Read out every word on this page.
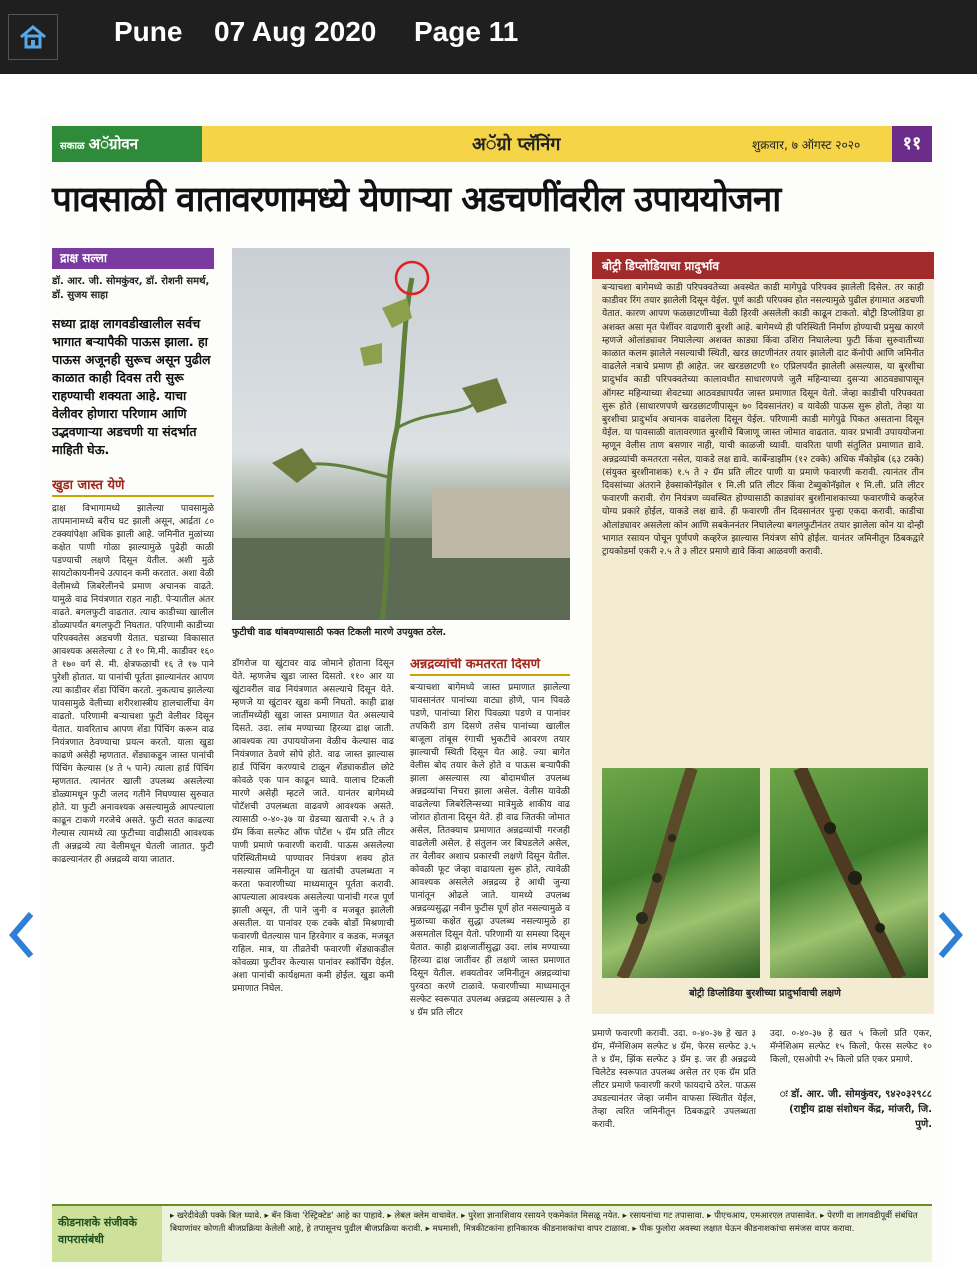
Pune 07 Aug 2020 Page 11
सकाळ अॅग्रोवन	अॅग्रो प्लॅनिंग	शुक्रवार, ७ ऑगस्ट २०२०	११
पावसाळी वातावरणामध्ये येणाऱ्या अडचणींवरील उपाययोजना
द्राक्ष सल्ला
डॉ. आर. जी. सोमकुंवर, डॉ. रोशनी समर्थ, डॉ. सुजय साहा
सध्या द्राक्ष लागवडीखालील सर्वच भागात बऱ्यापैकी पाऊस झाला. हा पाऊस अजूनही सुरूच असून पुढील काळात काही दिवस तरी सुरू राहण्याची शक्यता आहे. याचा वेलीवर होणारा परिणाम आणि उद्भवणाऱ्या अडचणी या संदर्भात माहिती घेऊ.
खुडा जास्त येणे
द्राक्ष विभागामध्ये झालेल्या पावसामुळे तापमानामध्ये बरीच घट झाली असून, आर्द्रता ८० टक्क्यांपेक्षा अधिक झाली आहे. जमिनीत मुळांच्या कक्षेत पाणी गोळा झाल्यामुळे पुढेही काळी पडण्याची लक्षणे दिसून येतील. अशी मुळे सायटोकायनीनचे उत्पादन कमी करतात. अशा वेळी वेलीमध्ये जिबरेलीनचे प्रमाण अचानक वाढते. यामुळे वाढ नियंत्रणात राहत नाही. पेऱ्यातील अंतर वाढते. बगलफुटी वाढतात. त्याच काडीच्या खालील डोळ्यापर्यंत बगलफुटी निघतात. परिणामी काडीच्या परिपक्वतेस अडचणी येतात. घडाच्या विकासात आवश्यक असलेल्या ८ ते १० मि.मी. काडीवर १६० ते १७० वर्ग से. मी. क्षेत्रफळाची १६ ते १७ पाने पुरेशी होतात. या पानांची पूर्तता झाल्यानंतर आपण त्या काडीवर शेंडा पिंचिंग करतो. नुकत्याच झालेल्या पावसामुळे वेलीच्या शरीरशास्त्रीय हालचालींचा वेग वाढतो. परिणामी बऱ्याचशा फुटी वेलीवर दिसून येतात. यावरिताच आपण शेंडा पिंचिंग करून वाढ नियंत्रणात ठेवण्याचा प्रयत्न करतो. याला खुडा काढणे असेही म्हणतात. शेंड्याकडून जास्त पानांची पिंचिंग केल्यास (४ ते ५ पाने) त्याला हार्ड पिंचिंग म्हणतात. त्यानंतर खाली उपलब्ध असलेल्या डोळ्यामधून फुटी जलद गतीने निघण्यास सुरुवात होते. या फुटी अनावश्यक असल्यामुळे आपल्याला काढून टाकणे गरजेचे असते. फुटी सतत काढल्या गेल्यास त्यामध्ये त्या फुटीच्या वाढीसाठी आवश्यक ती अन्नद्रव्ये त्या वेलीमधून घेतली जातात. फुटी काढल्यानंतर ही अन्नद्रव्ये वाया जातात.
फुटीची वाढ थांबवण्यासाठी फक्त टिकली मारणे उपयुक्त ठरेल.
डॉगरोज या खुंटावर वाढ जोमाने होताना दिसून येते. म्हणजेच खुडा जास्त दिसतो. ११० आर या खुंटावरील वाढ नियंत्रणात असल्याचे दिसून येते. म्हणजे या खुंटावर खुडा कमी निघतो. काही द्राक्ष जातींमध्येही खुडा जास्त प्रमाणात येत असल्याचे दिसते. उदा. लांब मण्याच्या हिरव्या द्राक्ष जाती. आवश्यक त्या उपाययोजना वेळीच केल्यास वाढ नियंत्रणात ठेवणे सोपे होते. वाढ जास्त झाल्यास हार्ड पिंचिंग करण्याचे टाळून शेंड्याकडील छोटे कोवळे एक पान काढून घ्यावे. यालाच टिकली मारणे असेही म्हटले जाते. यानंतर बागेमध्ये पोटॅशची उपलब्धता वाढवणे आवश्यक असते. त्यासाठी ०-४०-३७ या ग्रेडच्या खताची २.५ ते ३ ग्रॅम किंवा सल्फेट ऑफ पोटॅश ५ ग्रॅम प्रति लीटर पाणी प्रमाणे फवारणी करावी. पाऊस असलेल्या परिस्थितीमध्ये पाण्यावर नियंत्रण शक्य होत नसल्यास जमिनीतून या खतांची उपलब्धता न करता फवारणीच्या माध्यमातून पूर्तता करावी. आपल्याला आवश्यक असलेल्या पानांची गरज पूर्ण झाली असून, ती पाने जुनी व मजबूत झालेली असतील. या पानांवर एक टक्के बोर्डो मिश्रणाची फवारणी घेतल्यास पान हिरवेगार व कडक, मजबूत राहिल. मात्र, या तीव्रतेची फवारणी शेंड्याकडील कोवळ्या फुटीवर केल्यास पानांवर स्कॉर्चिंग येईल. अशा पानांची कार्यक्षमता कमी होईल. खुडा कमी प्रमाणात निघेल.
अन्नद्रव्यांची कमतरता दिसणे
बऱ्याचशा बागेमध्ये जास्त प्रमाणात झालेल्या पावसानंतर पानांच्या वाट्या होणे, पान पिवळे पडणे, पानांच्या शिरा पिवळ्या पडणे व पानांवर तपकिरी डाग दिसणे तसेच पानांच्या खालील बाजूला तांबूस रंगाची भुकटीचे आवरण तयार झाल्याची स्थिती दिसून येत आहे. ज्या बागेत वेलीस बोद तयार केले होते व पाऊस बऱ्यापैकी झाला असल्यास त्या बोदामधील उपलब्ध अन्नद्रव्यांचा निचरा झाला असेल. वेलीस यावेळी वाढलेल्या जिबरेलिन्सच्या मात्रेमुळे शाकीय वाढ जोरात होताना दिसून येते. ही वाढ जितकी जोमात असेल, तितक्याच प्रमाणात अन्नद्रव्यांची गरजही वाढलेली असेल. हे संतुलन जर बिघडलेले असेल, तर वेलीवर अशाच प्रकारची लक्षणे दिसून येतील. कोवळी फूट जेव्हा वाढायला सुरू होते, त्यावेळी आवश्यक असलेले अन्नद्रव्य हे आधी जुन्या पानांतून ओढले जाते. यामध्ये उपलब्ध अन्नद्रव्यसुद्धा नवीन फुटीस पूर्ण होत नसल्यामुळे व मुळाच्या कक्षेत सुद्धा उपलब्ध नसल्यामुळे हा असमतोल दिसून येतो. परिणामी या समस्या दिसून येतात. काही द्राक्षजातींसुद्धा उदा. लांब मण्याच्या हिरव्या द्राक्ष जातींवर ही लक्षणे जास्त प्रमाणात दिसून येतील. शक्यतोवर जमिनीतून अन्नद्रव्यांचा पुरवठा करणे टाळावे. फवारणीच्या माध्यमातून सल्फेट स्वरूपात उपलब्ध अन्नद्रव्य असल्यास ३ ते ४ ग्रॅम प्रति लीटर
बोट्री डिप्लोडियाचा प्रादुर्भाव
बऱ्याचशा बागेमध्ये काडी परिपक्वतेच्या अवस्थेत काडी मागेपुढे परिपक्व झालेली दिसेल. तर काही काडीवर रिंग तयार झालेली दिसून येईल. पूर्ण काडी परिपक्व होत नसल्यामुळे पुढील हंगामात अडचणी येतात. कारण आपण फळछाटणीच्या वेळी हिरवी असलेली काडी काढून टाकतो. बोट्री डिप्लोडिया हा अशक्त असा मृत पेशींवर वाढणारी बुरशी आहे. बागेमध्ये ही परिस्थिती निर्माण होण्याची प्रमुख कारणे म्हणजे ओलांड्यावर निघालेल्या अशक्त काड्या किंवा उशिरा निघालेल्या फुटी किंवा सुरुवातीच्या काळात कलम झालेले नसल्याची स्थिती, खरड छाटणीनंतर तयार झालेली दाट कॅनोपी आणि जमिनीत वाढलेले नत्राचे प्रमाण ही आहेत. जर खरडछाटणी १० एप्रिलपर्यंत झालेली असल्यास, या बुरशीचा प्रादुर्भाव काडी परिपक्वतेच्या कालावधीत साधारणपणे जुलै महिन्याच्या दुसऱ्या आठवड्यापासून ऑगस्ट महिन्याच्या शेवटच्या आठवड्यापर्यंत जास्त प्रमाणात दिसून येतो. जेव्हा काडीची परिपक्वता सुरू होते (साधारणपणे खरडछाटणीपासून ७० दिवसानंतर) व यावेळी पाऊस सुरू होतो, तेव्हा या बुरशीचा प्रादुर्भाव अचानक वाढलेला दिसून येईल. परिणामी काडी मागेपुढे पिकत असताना दिसून येईल. या पावसाळी वातावरणात बुरशीचे बिजाणू जास्त जोमात वाढतात. यावर प्रभावी उपाययोजना म्हणून वेलीस ताण बसणार नाही, याची काळजी घ्यावी. यावरिता पाणी संतुलित प्रमाणात द्यावे. अन्नद्रव्यांची कमतरता नसेल, याकडे लक्ष द्यावे. कार्बेन्डाझीम (१२ टक्के) अधिक मॅंकोझेब (६३ टक्के) (संयुक्त बुरशीनाशक) १.५ ते २ ग्रॅम प्रति लीटर पाणी या प्रमाणे फवारणी करावी. त्यानंतर तीन दिवसांच्या अंतराने हेक्साकोनॅझोल १ मि.ली प्रति लीटर किंवा टेब्युकोनॅझोल १ मि.ली. प्रति लीटर फवारणी करावी. रोग नियंत्रण व्यवस्थित होण्यासाठी काड्यांवर बुरशीनाशकाच्या फवारणीचे कव्हरेज योग्य प्रकारे होईल, याकडे लक्ष द्यावे. ही फवारणी तीन दिवसानंतर पुन्हा एकदा करावी. काडीचा ओलांड्यावर असलेला कोन आणि सबकेननंतर निघालेल्या बगलफुटीनंतर तयार झालेला कोन या दोन्ही भागात रसायन पोचून पूर्णपणे कव्हरेज झाल्यास नियंत्रण सोपे होईल. यानंतर जमिनीतून ठिबकद्वारे ट्रायकोडर्मा एकरी २.५ ते ३ लीटर प्रमाणे द्यावे किंवा आळवणी करावी.
बोट्री डिप्लोडिया बुरशीच्या प्रादुर्भावाची लक्षणे
प्रमाणे फवारणी करावी. उदा. ०-४०-३७ हे खत ३ ग्रॅम, मॅग्नेशिअम सल्फेट ४ ग्रॅम, फेरस सल्फेट ३.५ ते ४ ग्रॅम, झिंक सल्फेट ३ ग्रॅम इ. जर ही अन्नद्रव्ये चिलेटेड स्वरूपात उपलब्ध असेल तर एक ग्रॅम प्रति लीटर प्रमाणे फवारणी करणे फायदाचे ठरेल. पाऊस उघडल्यानंतर जेव्हा जमीन वाफसा स्थितीत येईल, तेव्हा त्वरित जमिनीतून ठिबकद्वारे उपलब्धता करावी.
उदा. ०-४०-३७ हे खत ५ किलो प्रति एकर, मॅग्नेशिअम सल्फेट १५ किलो, फेरस सल्फेट १० किलो, एसओपी २५ किलो प्रति एकर प्रमाणे.
ः डॉ. आर. जी. सोमकुंवर, ९४२०३२९८८ (राष्ट्रीय द्राक्ष संशोधन केंद्र, मांजरी, जि. पुणे.
कीडनाशके संजीवके वापरासंबंधी
▸ खरेदीवेळी पक्के बिल घ्यावे. ▸ बॅन किंवा 'रेस्ट्रिक्टेड' आहे का पाहावे. ▸ लेबल क्लेम वाचावेत. ▸ पुरेशा ज्ञानाशिवाय रसायने एकमेकांत मिसळू नयेत. ▸ रसायनांचा गट तपासावा. ▸ पीएचआय, एमआरएल तपासावेत. ▸ पेरणी वा लागवडीपूर्वी संबंधित बियाणांवर कोणती बीजप्रक्रिया केलेली आहे, हे तपासूनच पुढील बीजप्रक्रिया करावी. ▸ मधमाशी, मित्रकीटकांना हानिकारक कीडनाशकांचा वापर टाळावा. ▸ पीक फुलोरा अवस्था लक्षात घेऊन कीडनाशकांचा समंजस वापर करावा.
